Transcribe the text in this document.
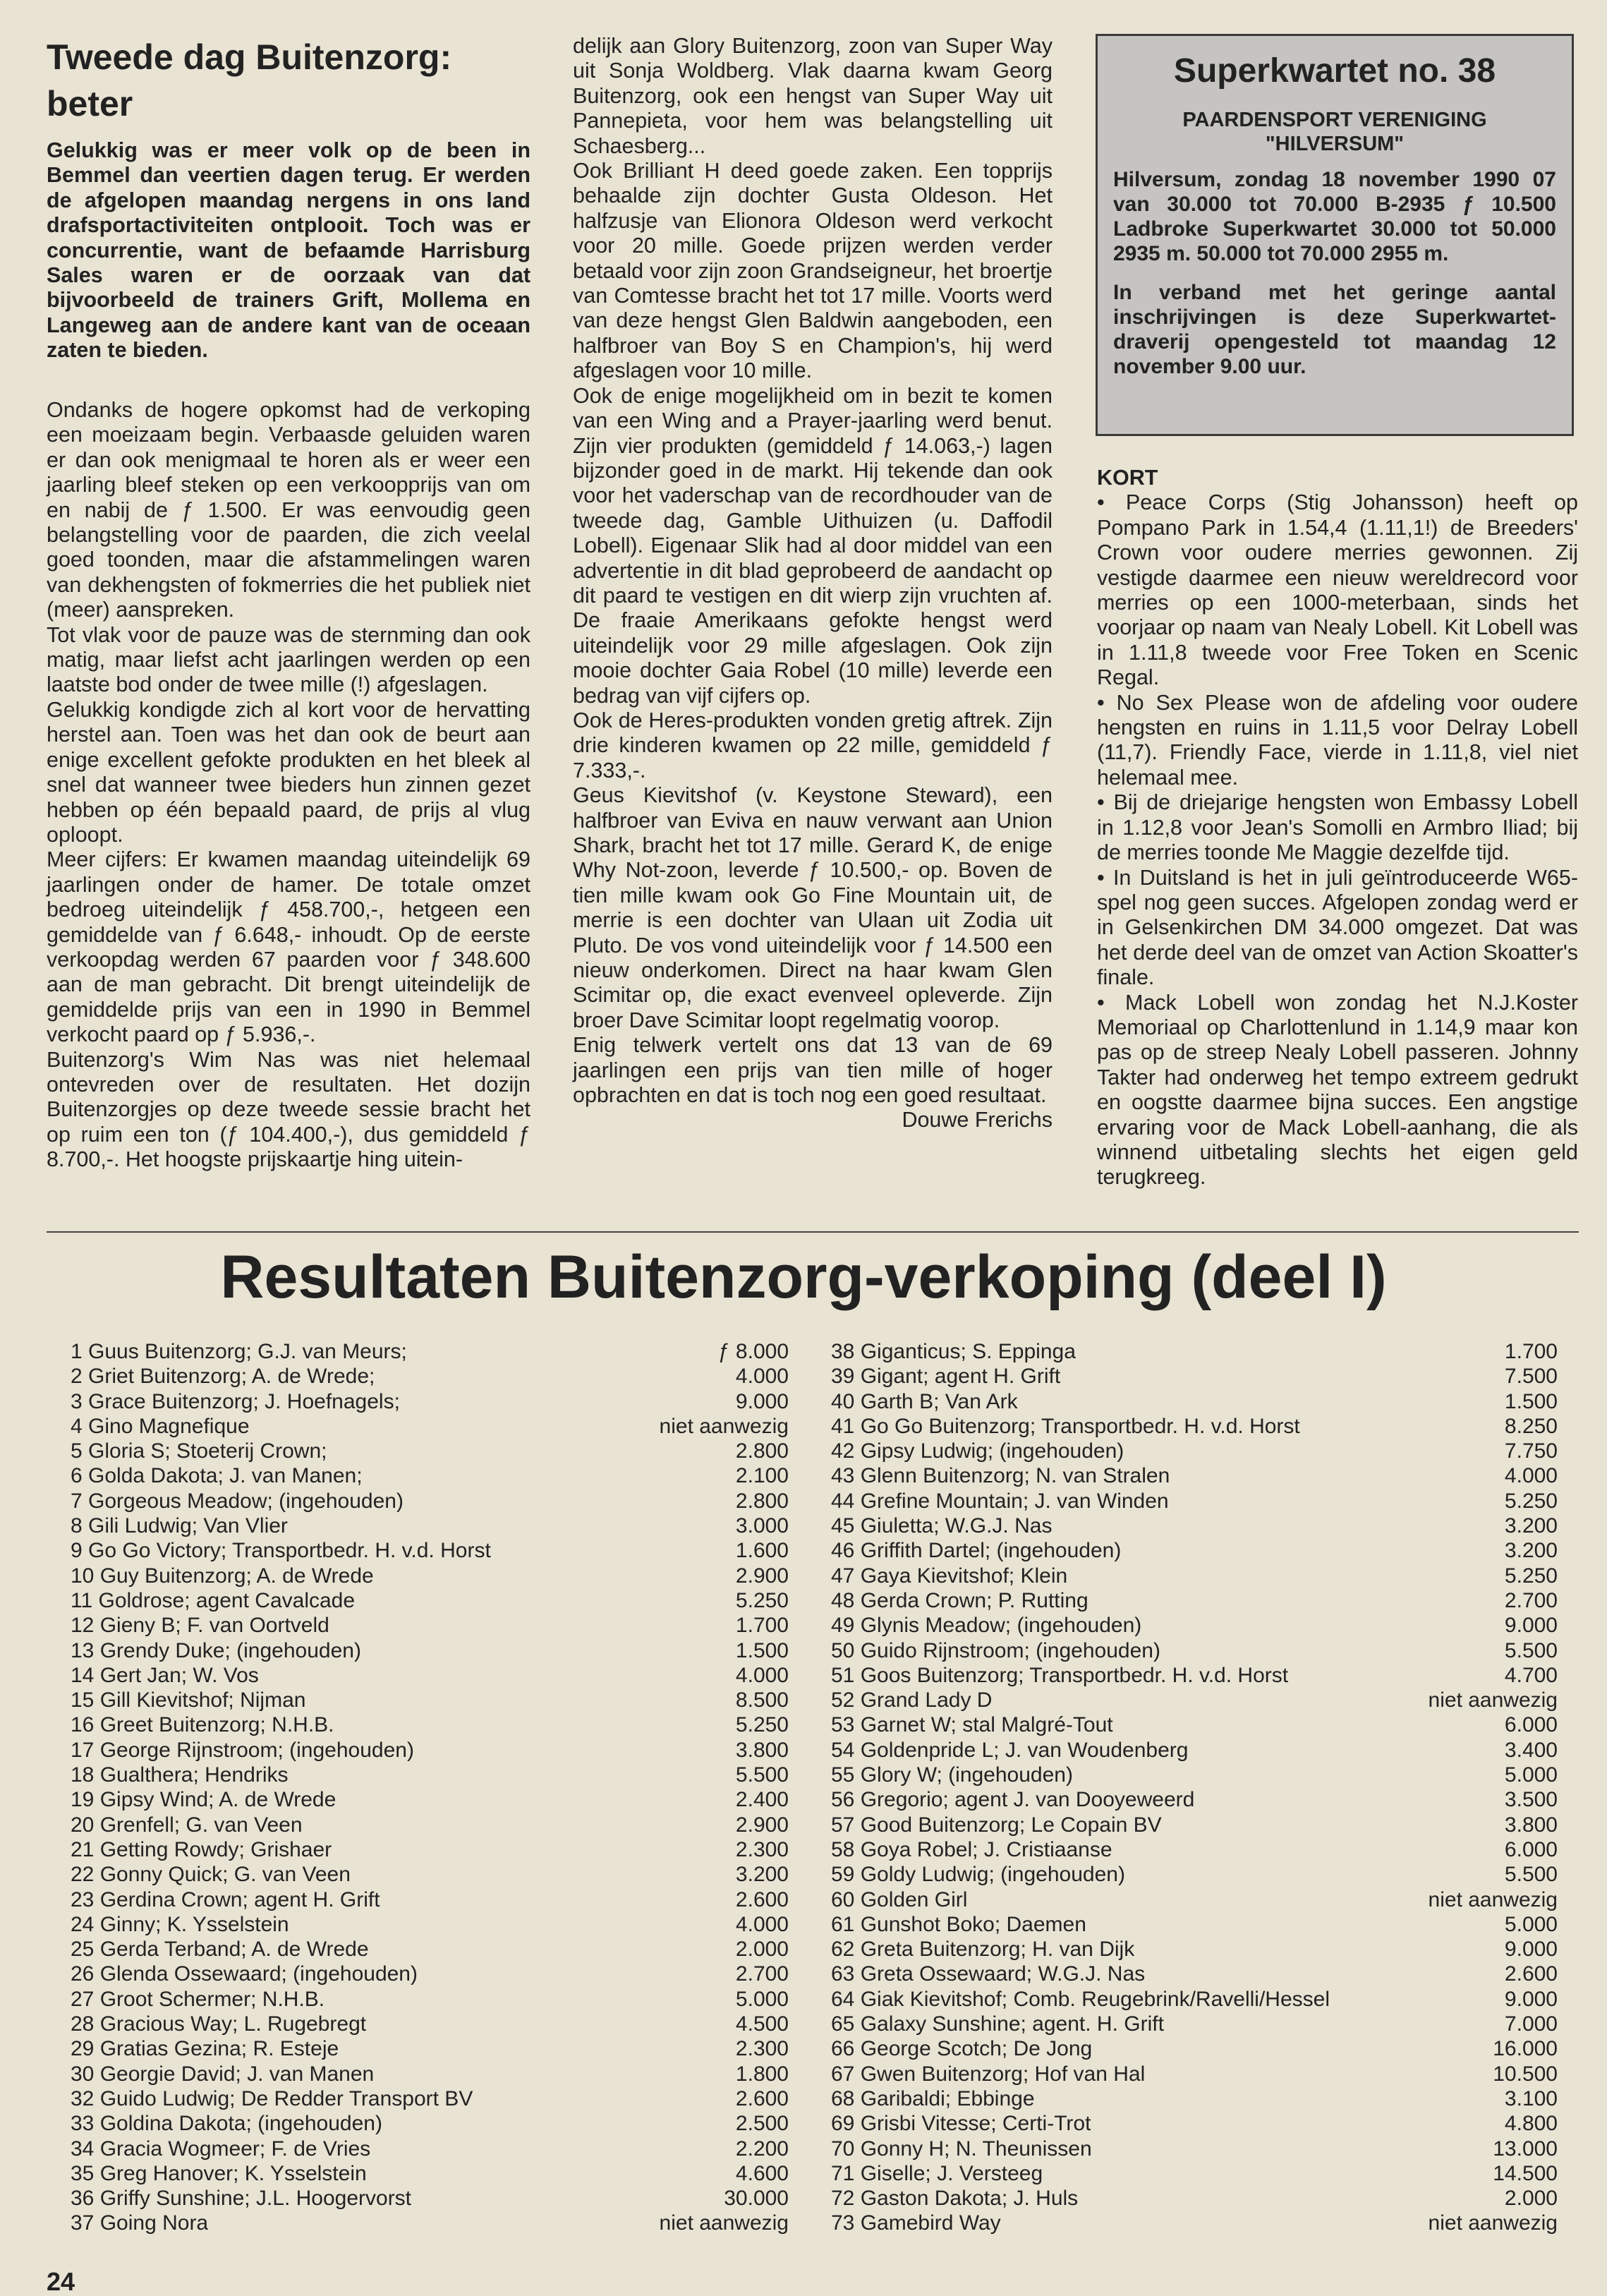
Tweede dag Buitenzorg: beter

Gelukkig was er meer volk op de been in Bemmel dan veertien dagen terug. Er werden de afgelopen maandag nergens in ons land drafsportactiviteiten ontplooit. Toch was er concurrentie, want de befaamde Harrisburg Sales waren er de oorzaak van dat bijvoorbeeld de trainers Grift, Mollema en Langeweg aan de andere kant van de oceaan zaten te bieden.

Ondanks de hogere opkomst had de verkoping een moeizaam begin. Verbaasde geluiden waren er dan ook menigmaal te horen als er weer een jaarling bleef steken op een verkoopprijs van om en nabij de ƒ 1.500. Er was eenvoudig geen belangstelling voor de paarden, die zich veelal goed toonden, maar die afstammelingen waren van dekhengsten of fokmerries die het publiek niet (meer) aanspreken.

Tot vlak voor de pauze was de sternming dan ook matig, maar liefst acht jaarlingen werden op een laatste bod onder de twee mille (!) afgeslagen.

Gelukkig kondigde zich al kort voor de hervatting herstel aan. Toen was het dan ook de beurt aan enige excellent gefokte produkten en het bleek al snel dat wanneer twee bieders hun zinnen gezet hebben op één bepaald paard, de prijs al vlug oploopt.

Meer cijfers: Er kwamen maandag uiteindelijk 69 jaarlingen onder de hamer. De totale omzet bedroeg uiteindelijk ƒ 458.700,-, hetgeen een gemiddelde van ƒ 6.648,- inhoudt. Op de eerste verkoopdag werden 67 paarden voor ƒ 348.600 aan de man gebracht. Dit brengt uiteindelijk de gemiddelde prijs van een in 1990 in Bemmel verkocht paard op ƒ 5.936,-.

Buitenzorg's Wim Nas was niet helemaal ontevreden over de resultaten. Het dozijn Buitenzorgjes op deze tweede sessie bracht het op ruim een ton (ƒ 104.400,-), dus gemiddeld ƒ 8.700,-. Het hoogste prijskaartje hing uitein-

delijk aan Glory Buitenzorg, zoon van Super Way uit Sonja Woldberg. Vlak daarna kwam Georg Buitenzorg, ook een hengst van Super Way uit Pannepieta, voor hem was belangstelling uit Schaesberg...

Ook Brilliant H deed goede zaken. Een topprijs behaalde zijn dochter Gusta Oldeson. Het halfzusje van Elionora Oldeson werd verkocht voor 20 mille. Goede prijzen werden verder betaald voor zijn zoon Grandseigneur, het broertje van Comtesse bracht het tot 17 mille. Voorts werd van deze hengst Glen Baldwin aangeboden, een halfbroer van Boy S en Champion's, hij werd afgeslagen voor 10 mille.

Ook de enige mogelijkheid om in bezit te komen van een Wing and a Prayer-jaarling werd benut. Zijn vier produkten (gemiddeld ƒ 14.063,-) lagen bijzonder goed in de markt. Hij tekende dan ook voor het vaderschap van de recordhouder van de tweede dag, Gamble Uithuizen (u. Daffodil Lobell). Eigenaar Slik had al door middel van een advertentie in dit blad geprobeerd de aandacht op dit paard te vestigen en dit wierp zijn vruchten af. De fraaie Amerikaans gefokte hengst werd uiteindelijk voor 29 mille afgeslagen. Ook zijn mooie dochter Gaia Robel (10 mille) leverde een bedrag van vijf cijfers op.

Ook de Heres-produkten vonden gretig aftrek. Zijn drie kinderen kwamen op 22 mille, gemiddeld ƒ 7.333,-.

Geus Kievitshof (v. Keystone Steward), een halfbroer van Eviva en nauw verwant aan Union Shark, bracht het tot 17 mille. Gerard K, de enige Why Not-zoon, leverde ƒ 10.500,- op. Boven de tien mille kwam ook Go Fine Mountain uit, de merrie is een dochter van Ulaan uit Zodia uit Pluto. De vos vond uiteindelijk voor ƒ 14.500 een nieuw onderkomen. Direct na haar kwam Glen Scimitar op, die exact evenveel opleverde. Zijn broer Dave Scimitar loopt regelmatig voorop.

Enig telwerk vertelt ons dat 13 van de 69 jaarlingen een prijs van tien mille of hoger opbrachten en dat is toch nog een goed resultaat.

Douwe Frerichs

Superkwartet no. 38

PAARDENSPORT VERENIGING
"HILVERSUM"

Hilversum, zondag 18 november 1990 07 van 30.000 tot 70.000 B-2935 ƒ 10.500 Ladbroke Superkwartet 30.000 tot 50.000 2935 m. 50.000 tot 70.000 2955 m.

In verband met het geringe aantal inschrijvingen is deze Superkwartet-draverij opengesteld tot maandag 12 november 9.00 uur.

KORT

• Peace Corps (Stig Johansson) heeft op Pompano Park in 1.54,4 (1.11,1!) de Breeders' Crown voor oudere merries gewonnen. Zij vestigde daarmee een nieuw wereldrecord voor merries op een 1000-meterbaan, sinds het voorjaar op naam van Nealy Lobell. Kit Lobell was in 1.11,8 tweede voor Free Token en Scenic Regal.

• No Sex Please won de afdeling voor oudere hengsten en ruins in 1.11,5 voor Delray Lobell (11,7). Friendly Face, vierde in 1.11,8, viel niet helemaal mee.

• Bij de driejarige hengsten won Embassy Lobell in 1.12,8 voor Jean's Somolli en Armbro Iliad; bij de merries toonde Me Maggie dezelfde tijd.

• In Duitsland is het in juli geïntroduceerde W65-spel nog geen succes. Afgelopen zondag werd er in Gelsenkirchen DM 34.000 omgezet. Dat was het derde deel van de omzet van Action Skoatter's finale.

• Mack Lobell won zondag het N.J.Koster Memoriaal op Charlottenlund in 1.14,9 maar kon pas op de streep Nealy Lobell passeren. Johnny Takter had onderweg het tempo extreem gedrukt en oogstte daarmee bijna succes. Een angstige ervaring voor de Mack Lobell-aanhang, die als winnend uitbetaling slechts het eigen geld terugkreeg.

Resultaten Buitenzorg-verkoping (deel I)
1 Guus Buitenzorg; G.J. van Meurs;	ƒ 8.000
2 Griet Buitenzorg; A. de Wrede;	4.000
3 Grace Buitenzorg; J. Hoefnagels;	9.000
4 Gino Magnefique	niet aanwezig
5 Gloria S; Stoeterij Crown;	2.800
6 Golda Dakota; J. van Manen;	2.100
7 Gorgeous Meadow; (ingehouden)	2.800
8 Gili Ludwig; Van Vlier	3.000
9 Go Go Victory; Transportbedr. H. v.d. Horst	1.600
10 Guy Buitenzorg; A. de Wrede	2.900
11 Goldrose; agent Cavalcade	5.250
12 Gieny B; F. van Oortveld	1.700
13 Grendy Duke; (ingehouden)	1.500
14 Gert Jan; W. Vos	4.000
15 Gill Kievitshof; Nijman	8.500
16 Greet Buitenzorg; N.H.B.	5.250
17 George Rijnstroom; (ingehouden)	3.800
18 Gualthera; Hendriks	5.500
19 Gipsy Wind; A. de Wrede	2.400
20 Grenfell; G. van Veen	2.900
21 Getting Rowdy; Grishaer	2.300
22 Gonny Quick; G. van Veen	3.200
23 Gerdina Crown; agent H. Grift	2.600
24 Ginny; K. Ysselstein	4.000
25 Gerda Terband; A. de Wrede	2.000
26 Glenda Ossewaard; (ingehouden)	2.700
27 Groot Schermer; N.H.B.	5.000
28 Gracious Way; L. Rugebregt	4.500
29 Gratias Gezina; R. Esteje	2.300
30 Georgie David; J. van Manen	1.800
32 Guido Ludwig; De Redder Transport BV	2.600
33 Goldina Dakota; (ingehouden)	2.500
34 Gracia Wogmeer; F. de Vries	2.200
35 Greg Hanover; K. Ysselstein	4.600
36 Griffy Sunshine; J.L. Hoogervorst	30.000
37 Going Nora	niet aanwezig
38 Giganticus; S. Eppinga	1.700
39 Gigant; agent H. Grift	7.500
40 Garth B; Van Ark	1.500
41 Go Go Buitenzorg; Transportbedr. H. v.d. Horst	8.250
42 Gipsy Ludwig; (ingehouden)	7.750
43 Glenn Buitenzorg; N. van Stralen	4.000
44 Grefine Mountain; J. van Winden	5.250
45 Giuletta; W.G.J. Nas	3.200
46 Griffith Dartel; (ingehouden)	3.200
47 Gaya Kievitshof; Klein	5.250
48 Gerda Crown; P. Rutting	2.700
49 Glynis Meadow; (ingehouden)	9.000
50 Guido Rijnstroom; (ingehouden)	5.500
51 Goos Buitenzorg; Transportbedr. H. v.d. Horst	4.700
52 Grand Lady D	niet aanwezig
53 Garnet W; stal Malgré-Tout	6.000
54 Goldenpride L; J. van Woudenberg	3.400
55 Glory W; (ingehouden)	5.000
56 Gregorio; agent J. van Dooyeweerd	3.500
57 Good Buitenzorg; Le Copain BV	3.800
58 Goya Robel; J. Cristiaanse	6.000
59 Goldy Ludwig; (ingehouden)	5.500
60 Golden Girl	niet aanwezig
61 Gunshot Boko; Daemen	5.000
62 Greta Buitenzorg; H. van Dijk	9.000
63 Greta Ossewaard; W.G.J. Nas	2.600
64 Giak Kievitshof; Comb. Reugebrink/Ravelli/Hessel	9.000
65 Galaxy Sunshine; agent. H. Grift	7.000
66 George Scotch; De Jong	16.000
67 Gwen Buitenzorg; Hof van Hal	10.500
68 Garibaldi; Ebbinge	3.100
69 Grisbi Vitesse; Certi-Trot	4.800
70 Gonny H; N. Theunissen	13.000
71 Giselle; J. Versteeg	14.500
72 Gaston Dakota; J. Huls	2.000
73 Gamebird Way	niet aanwezig
24
